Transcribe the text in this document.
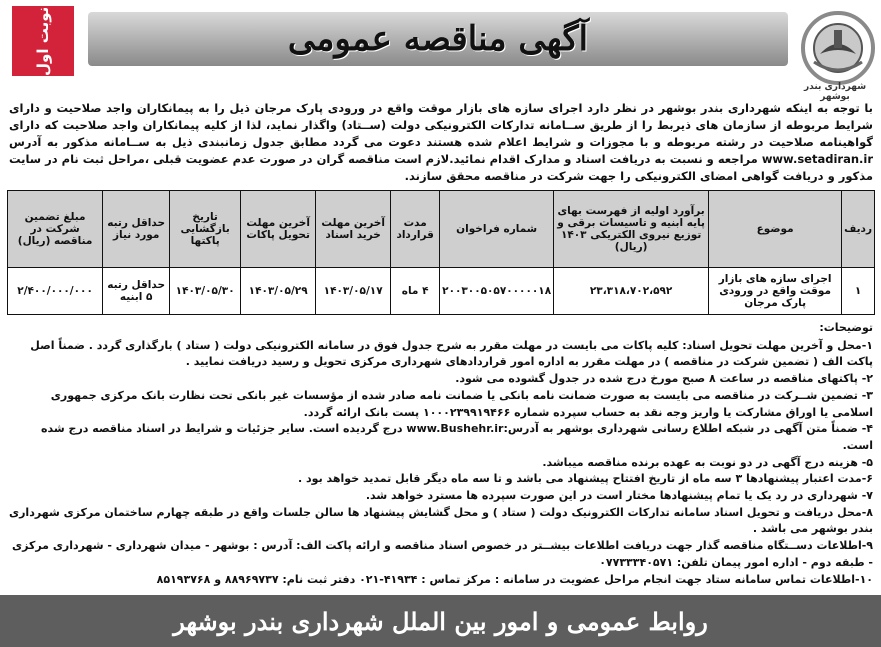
آگهی مناقصه عمومی
نوبت اول
شهرداری بندر بوشهر
با توجه به اینکه شهرداری بندر بوشهر در نظر دارد اجرای سازه های بازار موقت واقع در ورودی پارک مرجان ذیل را به پیمانکاران واجد صلاحیت و دارای شرایط مربوطه از سازمان های ذیربط را از طریق ســامانه تدارکات الکترونیکی دولت (ســتاد) واگذار نماید، لذا از کلیه پیمانکاران واجد صلاحیت که دارای گواهینامه صلاحیت در رشته مربوطه و با مجوزات و شرایط اعلام شده هستند دعوت می گردد مطابق جدول زمانبندی ذیل به ســامانه مذکور به آدرس www.setadiran.ir مراجعه و نسبت به دریافت اسناد و مدارک اقدام نمائید.لازم است مناقصه گران در صورت عدم عضویت قبلی ،مراحل ثبت نام در سایت مذکور و دریافت گواهی امضای الکترونیکی را جهت شرکت در مناقصه محقق سازند.
ردیف	موضوع	برآورد اولیه از فهرست بهای پایه ابنیه و تاسیسات برقی و توزیع نیروی الکتریکی ۱۴۰۳ (ریال)	شماره فراخوان	مدت قرارداد	آخرین مهلت خرید اسناد	آخرین مهلت تحویل پاکات	تاریخ بازگشایی پاکتها	حداقل رتبه مورد نیاز	مبلغ تضمین شرکت در مناقصه (ریال)
۱	اجرای سازه های بازار موقت واقع در ورودی پارک مرجان	۲۳،۳۱۸،۷۰۲،۵۹۲	۲۰۰۳۰۰۵۰۵۷۰۰۰۰۰۱۸	۴ ماه	۱۴۰۳/۰۵/۱۷	۱۴۰۳/۰۵/۲۹	۱۴۰۳/۰۵/۳۰	حداقل رتبه ۵ ابنیه	۲/۴۰۰/۰۰۰/۰۰۰

توضیحات:

۱-محل و آخرین مهلت تحویل اسناد: کلیه پاکات می بایست در مهلت مقرر به شرح جدول فوق در سامانه الکترونیکی دولت ( ستاد ) بارگذاری گردد . ضمناً اصل پاکت الف ( تضمین شرکت در مناقصه ) در مهلت مقرر به اداره امور قراردادهای شهرداری مرکزی تحویل و رسید دریافت نمایید .

۲- پاکتهای مناقصه در ساعت ۸ صبح مورخ درج شده در جدول گشوده می شود.

۳- تضمین شــرکت در مناقصه می بایست به صورت ضمانت نامه بانکی یا ضمانت نامه صادر شده از مؤسسات غیر بانکی تحت نظارت بانک مرکزی جمهوری اسلامی یا اوراق مشارکت یا واریز وجه نقد به حساب سپرده شماره ۱۰۰۰۲۳۹۹۱۹۴۶۶ پست بانک ارائه گردد.

۴- ضمناً متن آگهی در شبکه اطلاع رسانی شهرداری بوشهر به آدرس:www.Bushehr.ir درج گردیده است. سایر جزئیات و شرایط در اسناد مناقصه درج شده است.

۵- هزینه درج آگهی در دو نوبت به عهده برنده مناقصه میباشد.

۶-مدت اعتبار پیشنهادها ۳ سه ماه از تاریخ افتتاح پیشنهاد می باشد و تا سه ماه دیگر قابل تمدید خواهد بود .

۷- شهرداری در رد یک یا تمام پیشنهادها مختار است در این صورت سپرده ها مسترد خواهد شد.

۸-محل دریافت و تحویل اسناد سامانه تدارکات الکترونیک دولت ( ستاد ) و محل گشایش پیشنهاد ها سالن جلسات واقع در طبقه چهارم ساختمان مرکزی شهرداری بندر بوشهر می باشد .

۹-اطلاعات دســتگاه مناقصه گذار جهت دریافت اطلاعات بیشــتر در خصوص اسناد مناقصه و ارائه پاکت الف: آدرس : بوشهر - میدان شهرداری - شهرداری مرکزی - طبقه دوم - اداره امور پیمان تلفن: ۰۷۷۳۳۳۴۰۵۷۱

۱۰-اطلاعات تماس سامانه ستاد جهت انجام مراحل عضویت در سامانه : مرکز تماس : ۴۱۹۳۴-۰۲۱ دفتر ثبت نام: ۸۸۹۶۹۷۳۷ و ۸۵۱۹۳۷۶۸

روابط عمومی و امور بین الملل شهرداری بندر بوشهر
